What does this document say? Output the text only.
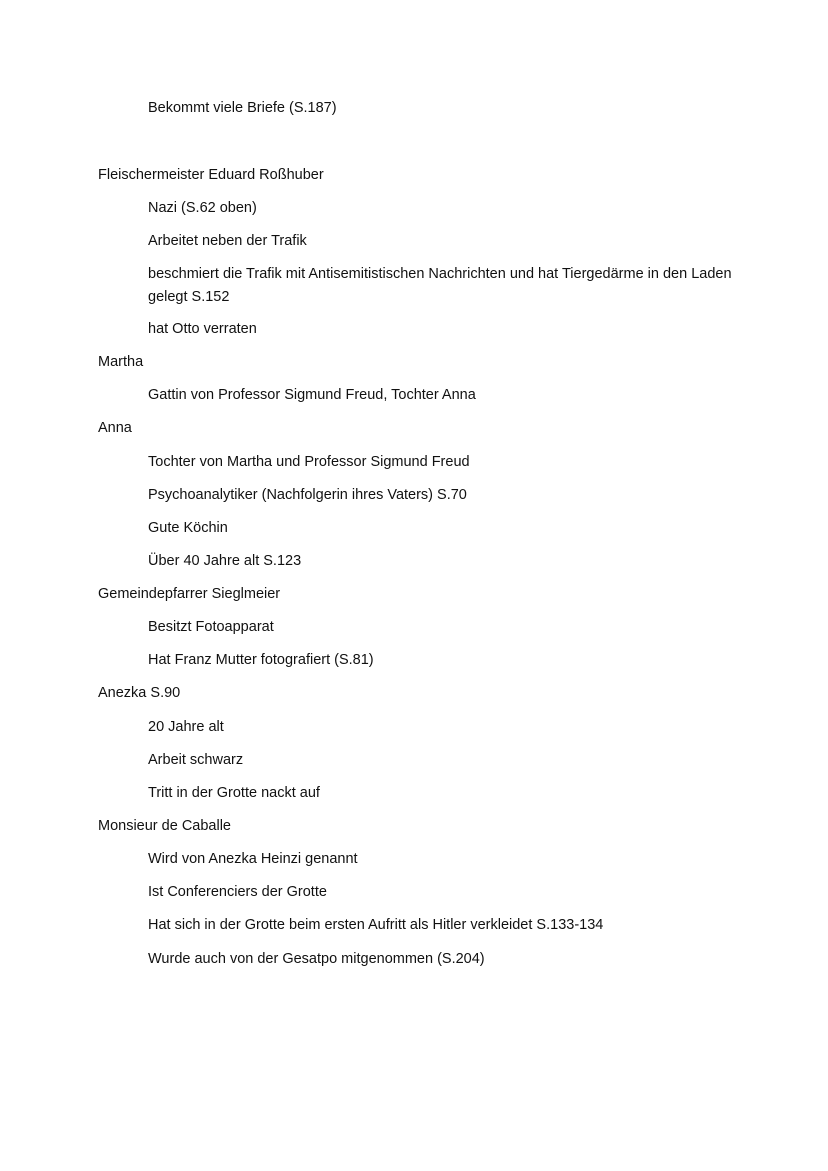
Bekommt viele Briefe (S.187)
Fleischermeister Eduard Roßhuber
Nazi (S.62 oben)
Arbeitet neben der Trafik
beschmiert die Trafik mit Antisemitistischen Nachrichten und hat Tiergedärme in den Laden gelegt S.152
hat Otto verraten
Martha
Gattin von Professor Sigmund Freud, Tochter Anna
Anna
Tochter von Martha und Professor Sigmund Freud
Psychoanalytiker (Nachfolgerin ihres Vaters) S.70
Gute Köchin
Über 40 Jahre alt S.123
Gemeindepfarrer Sieglmeier
Besitzt Fotoapparat
Hat Franz Mutter fotografiert (S.81)
Anezka S.90
20 Jahre alt
Arbeit schwarz
Tritt in der Grotte nackt auf
Monsieur de Caballe
Wird von Anezka Heinzi genannt
Ist Conferenciers der Grotte
Hat sich in der Grotte beim ersten Aufritt als Hitler verkleidet S.133-134
Wurde auch von der Gesatpo mitgenommen (S.204)
